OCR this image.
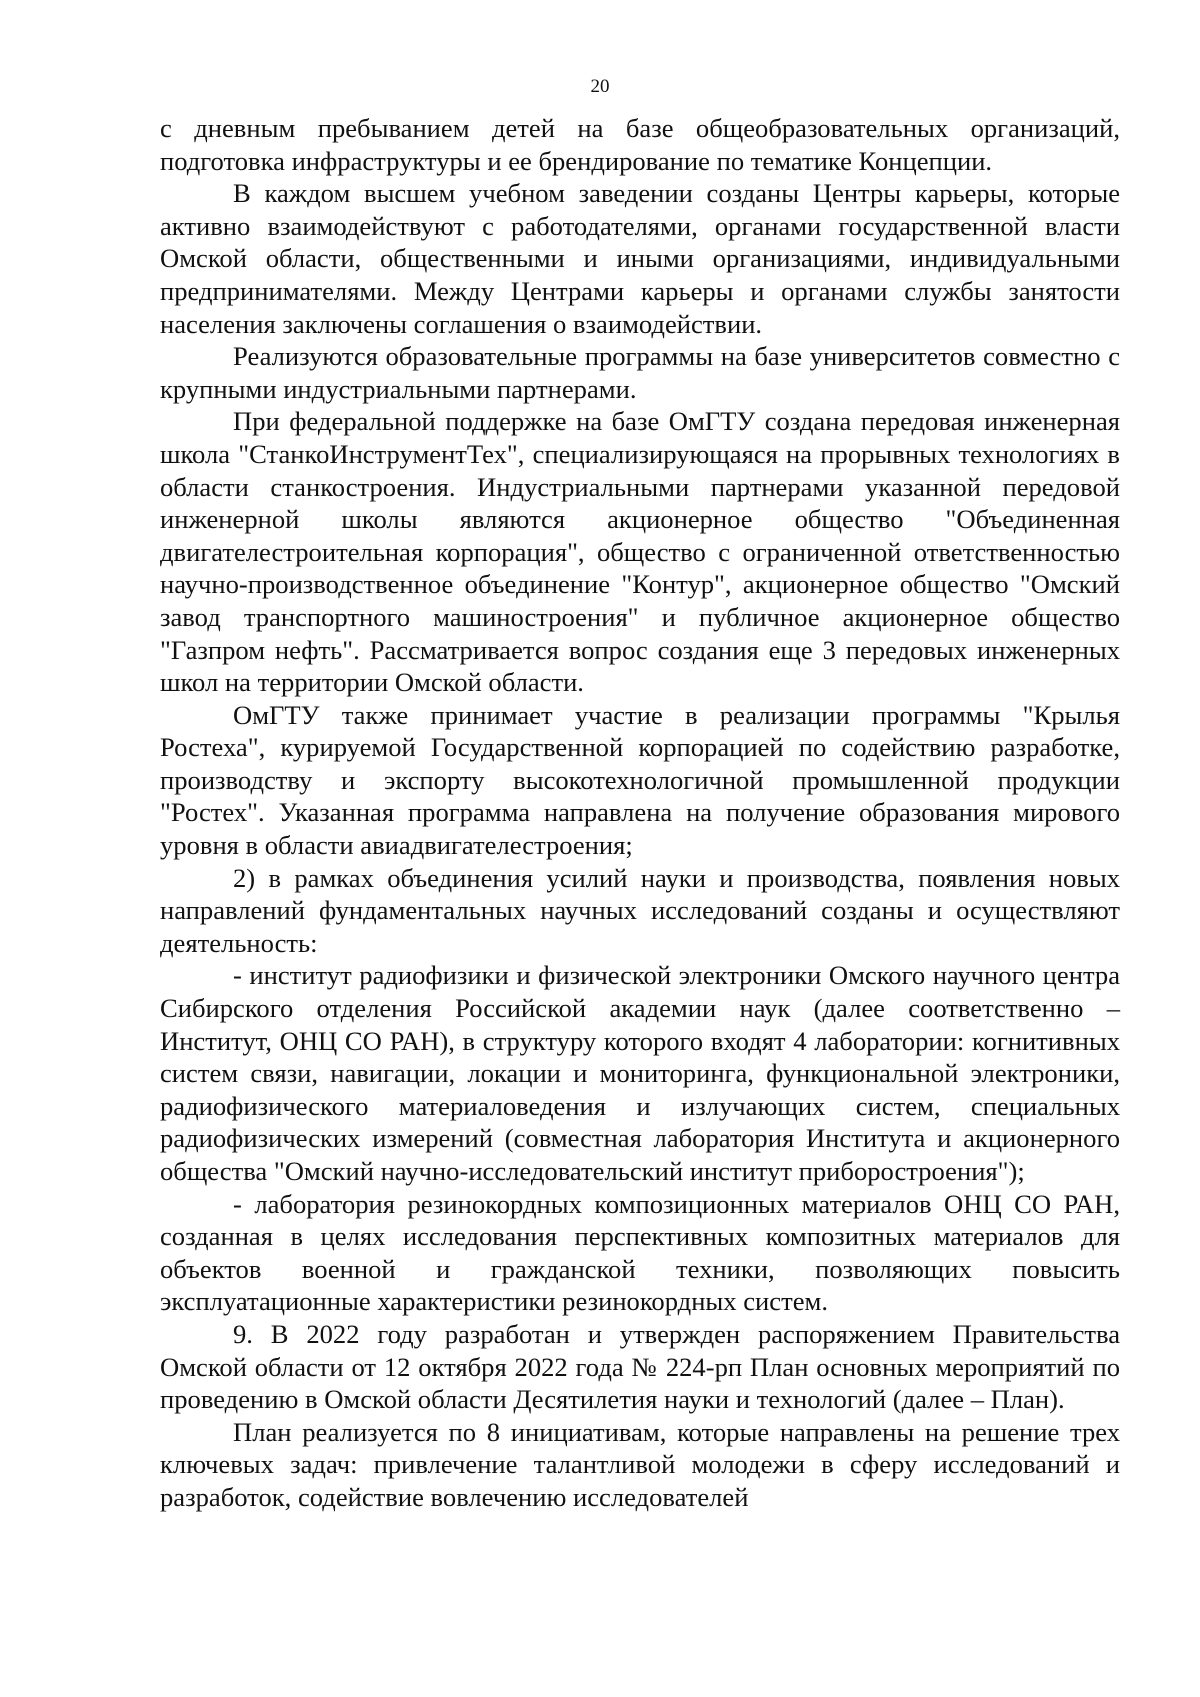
20

с дневным пребыванием детей на базе общеобразовательных организаций, подготовка инфраструктуры и ее брендирование по тематике Концепции.

В каждом высшем учебном заведении созданы Центры карьеры, которые активно взаимодействуют с работодателями, органами государственной власти Омской области, общественными и иными организациями, индивидуальными предпринимателями. Между Центрами карьеры и органами службы занятости населения заключены соглашения о взаимодействии.

Реализуются образовательные программы на базе университетов совместно с крупными индустриальными партнерами.

При федеральной поддержке на базе ОмГТУ создана передовая инженерная школа "СтанкоИнструментТех", специализирующаяся на прорывных технологиях в области станкостроения. Индустриальными партнерами указанной передовой инженерной школы являются акционерное общество "Объединенная двигателестроительная корпорация", общество с ограниченной ответственностью научно-производственное объединение "Контур", акционерное общество "Омский завод транспортного машиностроения" и публичное акционерное общество "Газпром нефть". Рассматривается вопрос создания еще 3 передовых инженерных школ на территории Омской области.

ОмГТУ также принимает участие в реализации программы "Крылья Ростеха", курируемой Государственной корпорацией по содействию разработке, производству и экспорту высокотехнологичной промышленной продукции "Ростех". Указанная программа направлена на получение образования мирового уровня в области авиадвигателестроения;

2) в рамках объединения усилий науки и производства, появления новых направлений фундаментальных научных исследований созданы и осуществляют деятельность:

- институт радиофизики и физической электроники Омского научного центра Сибирского отделения Российской академии наук (далее соответственно – Институт, ОНЦ СО РАН), в структуру которого входят 4 лаборатории: когнитивных систем связи, навигации, локации и мониторинга, функциональной электроники, радиофизического материаловедения и излучающих систем, специальных радиофизических измерений (совместная лаборатория Института и акционерного общества "Омский научно-исследовательский институт приборостроения");

- лаборатория резинокордных композиционных материалов ОНЦ СО РАН, созданная в целях исследования перспективных композитных материалов для объектов военной и гражданской техники, позволяющих повысить эксплуатационные характеристики резинокордных систем.

9. В 2022 году разработан и утвержден распоряжением Правительства Омской области от 12 октября 2022 года № 224-рп План основных мероприятий по проведению в Омской области Десятилетия науки и технологий (далее – План).

План реализуется по 8 инициативам, которые направлены на решение трех ключевых задач: привлечение талантливой молодежи в сферу исследований и разработок, содействие вовлечению исследователей
